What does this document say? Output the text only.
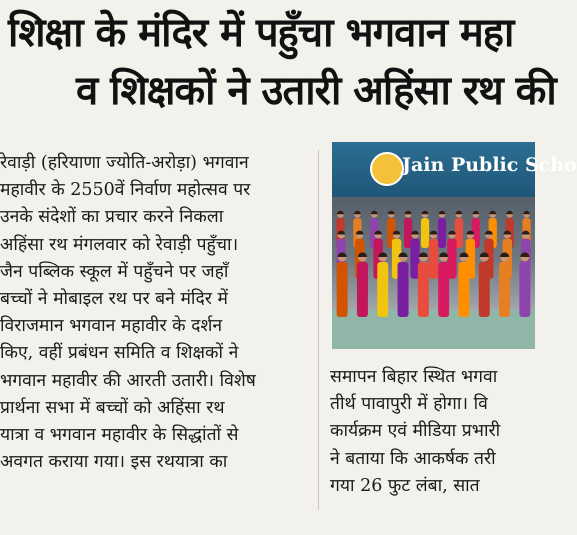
शिक्षा के मंदिर में पहुँचा भगवान महा
व शिक्षकों ने उतारी अहिंसा रथ की

रेवाड़ी (हरियाणा ज्योति-अरोड़ा) भगवान

महावीर के 2550वें निर्वाण महोत्सव पर

उनके संदेशों का प्रचार करने निकला

अहिंसा रथ मंगलवार को रेवाड़ी पहुँचा।

जैन पब्लिक स्कूल में पहुँचने पर जहाँ

बच्चों ने मोबाइल रथ पर बने मंदिर में

विराजमान भगवान महावीर के दर्शन

किए, वहीं प्रबंधन समिति व शिक्षकों ने

भगवान महावीर की आरती उतारी। विशेष

प्रार्थना सभा में बच्चों को अहिंसा रथ

यात्रा व भगवान महावीर के सिद्धांतों से

अवगत कराया गया। इस रथयात्रा का

Jain Public Scho

समापन बिहार स्थित भगवा

तीर्थ पावापुरी में होगा। वि

कार्यक्रम एवं मीडिया प्रभारी

ने बताया कि आकर्षक तरी

गया 26 फुट लंबा, सात
